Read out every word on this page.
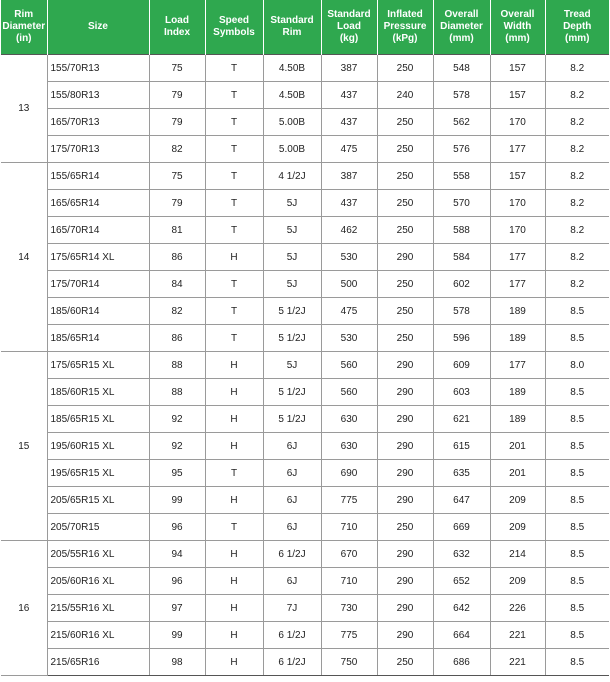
Rim
Diameter
(in)	Size	Load
Index	Speed
Symbols	Standard
Rim	Standard
Load
(kg)	Inflated
Pressure
(kPg)	Overall
Diameter
(mm)	Overall
Width
(mm)	Tread
Depth
(mm)
13	155/70R13	75	T	4.50B	387	250	548	157	8.2
	155/80R13	79	T	4.50B	437	240	578	157	8.2
	165/70R13	79	T	5.00B	437	250	562	170	8.2
	175/70R13	82	T	5.00B	475	250	576	177	8.2
14	155/65R14	75	T	4 1/2J	387	250	558	157	8.2
	165/65R14	79	T	5J	437	250	570	170	8.2
	165/70R14	81	T	5J	462	250	588	170	8.2
	175/65R14 XL	86	H	5J	530	290	584	177	8.2
	175/70R14	84	T	5J	500	250	602	177	8.2
	185/60R14	82	T	5 1/2J	475	250	578	189	8.5
	185/65R14	86	T	5 1/2J	530	250	596	189	8.5
15	175/65R15 XL	88	H	5J	560	290	609	177	8.0
	185/60R15 XL	88	H	5 1/2J	560	290	603	189	8.5
	185/65R15 XL	92	H	5 1/2J	630	290	621	189	8.5
	195/60R15 XL	92	H	6J	630	290	615	201	8.5
	195/65R15 XL	95	T	6J	690	290	635	201	8.5
	205/65R15 XL	99	H	6J	775	290	647	209	8.5
	205/70R15	96	T	6J	710	250	669	209	8.5
16	205/55R16 XL	94	H	6 1/2J	670	290	632	214	8.5
	205/60R16 XL	96	H	6J	710	290	652	209	8.5
	215/55R16 XL	97	H	7J	730	290	642	226	8.5
	215/60R16 XL	99	H	6 1/2J	775	290	664	221	8.5
	215/65R16	98	H	6 1/2J	750	250	686	221	8.5
